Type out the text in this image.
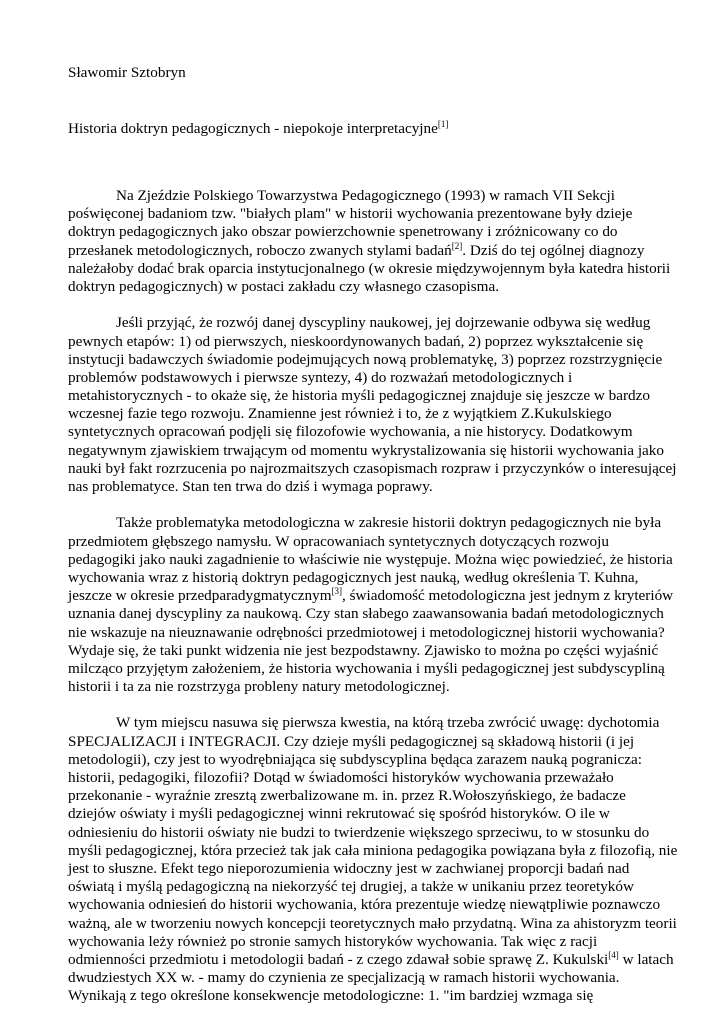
Sławomir Sztobryn

Historia doktryn pedagogicznych - niepokoje interpretacyjne[1]

Na Zjeździe Polskiego Towarzystwa Pedagogicznego (1993) w ramach VII Sekcji
poświęconej badaniom tzw. "białych plam" w historii wychowania prezentowane były dzieje
doktryn pedagogicznych jako obszar powierzchownie spenetrowany i zróżnicowany co do
przesłanek metodologicznych, roboczo zwanych stylami badań[2]. Dziś do tej ogólnej diagnozy
należałoby dodać brak oparcia instytucjonalnego (w okresie międzywojennym była katedra historii
doktryn pedagogicznych) w postaci zakładu czy własnego czasopisma.

Jeśli przyjąć, że rozwój danej dyscypliny naukowej, jej dojrzewanie odbywa się według
pewnych etapów: 1) od pierwszych, nieskoordynowanych badań, 2) poprzez wykształcenie się
instytucji badawczych świadomie podejmujących nową problematykę, 3) poprzez rozstrzygnięcie
problemów podstawowych i pierwsze syntezy, 4) do rozważań metodologicznych i
metahistorycznych - to okaże się, że historia myśli pedagogicznej znajduje się jeszcze w bardzo
wczesnej fazie tego rozwoju. Znamienne jest również i to, że z wyjątkiem Z.Kukulskiego
syntetycznych opracowań podjęli się filozofowie wychowania, a nie historycy. Dodatkowym
negatywnym zjawiskiem trwającym od momentu wykrystalizowania się historii wychowania jako
nauki był fakt rozrzucenia po najrozmaitszych czasopismach rozpraw i przyczynków o interesującej
nas problematyce. Stan ten trwa do dziś i wymaga poprawy.

Także problematyka metodologiczna w zakresie historii doktryn pedagogicznych nie była
przedmiotem głębszego namysłu. W opracowaniach syntetycznych dotyczących rozwoju
pedagogiki jako nauki zagadnienie to właściwie nie występuje. Można więc powiedzieć, że historia
wychowania wraz z historią doktryn pedagogicznych jest nauką, według określenia T. Kuhna,
jeszcze w okresie przedparadygmatycznym[3], świadomość metodologiczna jest jednym z kryteriów
uznania danej dyscypliny za naukową. Czy stan słabego zaawansowania badań metodologicznych
nie wskazuje na nieuznawanie odrębności przedmiotowej i metodologicznej historii wychowania?
Wydaje się, że taki punkt widzenia nie jest bezpodstawny. Zjawisko to można po części wyjaśnić
milcząco przyjętym założeniem, że historia wychowania i myśli pedagogicznej jest subdyscypliną
historii i ta za nie rozstrzyga probleny natury metodologicznej.

W tym miejscu nasuwa się pierwsza kwestia, na którą trzeba zwrócić uwagę: dychotomia
SPECJALIZACJI i INTEGRACJI. Czy dzieje myśli pedagogicznej są składową historii (i jej
metodologii), czy jest to wyodrębniająca się subdyscyplina będąca zarazem nauką pogranicza:
historii, pedagogiki, filozofii? Dotąd w świadomości historyków wychowania przeważało
przekonanie - wyraźnie zresztą zwerbalizowane m. in. przez R.Wołoszyńskiego, że badacze
dziejów oświaty i myśli pedagogicznej winni rekrutować się spośród historyków. O ile w
odniesieniu do historii oświaty nie budzi to twierdzenie większego sprzeciwu, to w stosunku do
myśli pedagogicznej, która przecież tak jak cała miniona pedagogika powiązana była z filozofią, nie
jest to słuszne. Efekt tego nieporozumienia widoczny jest w zachwianej proporcji badań nad
oświatą i myślą pedagogiczną na niekorzyść tej drugiej, a także w unikaniu przez teoretyków
wychowania odniesień do historii wychowania, która prezentuje wiedzę niewątpliwie poznawczo
ważną, ale w tworzeniu nowych koncepcji teoretycznych mało przydatną. Wina za ahistoryzm teorii
wychowania leży również po stronie samych historyków wychowania. Tak więc z racji
odmienności przedmiotu i metodologii badań - z czego zdawał sobie sprawę Z. Kukulski[4] w latach
dwudziestych XX w. - mamy do czynienia ze specjalizacją w ramach historii wychowania.
Wynikają z tego określone konsekwencje metodologiczne: 1. "im bardziej wzmaga się
